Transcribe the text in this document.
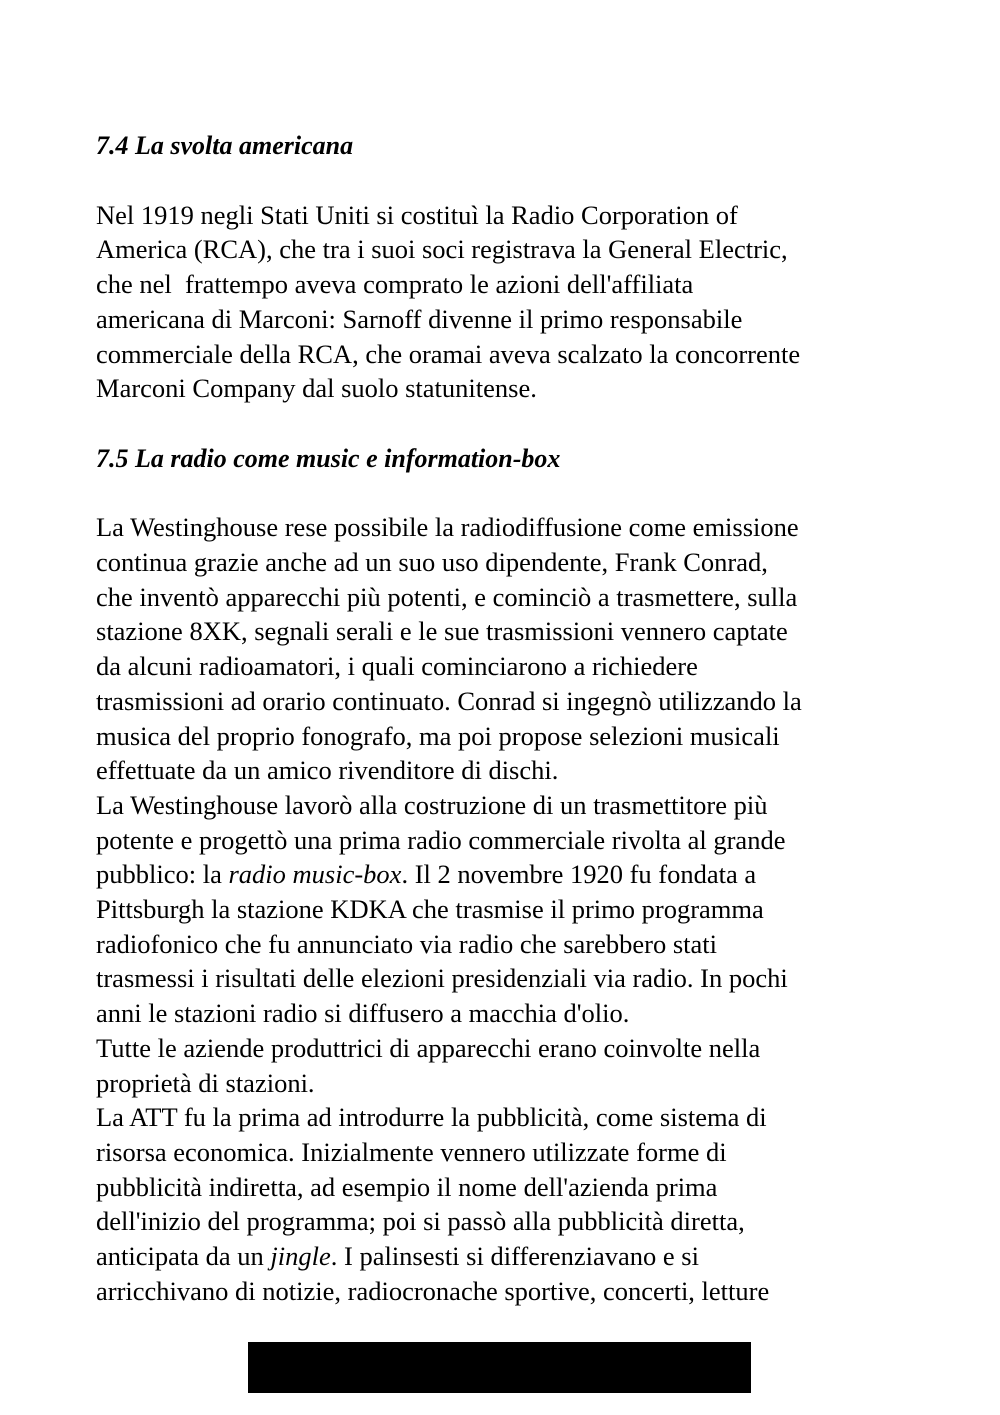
7.4 La svolta americana

Nel 1919 negli Stati Uniti si costituì la Radio Corporation of
America (RCA), che tra i suoi soci registrava la General Electric,
che nel  frattempo aveva comprato le azioni dell'affiliata
americana di Marconi: Sarnoff divenne il primo responsabile
commerciale della RCA, che oramai aveva scalzato la concorrente
Marconi Company dal suolo statunitense.

7.5 La radio come music e information-box

La Westinghouse rese possibile la radiodiffusione come emissione
continua grazie anche ad un suo uso dipendente, Frank Conrad,
che inventò apparecchi più potenti, e cominciò a trasmettere, sulla
stazione 8XK, segnali serali e le sue trasmissioni vennero captate
da alcuni radioamatori, i quali cominciarono a richiedere
trasmissioni ad orario continuato. Conrad si ingegnò utilizzando la
musica del proprio fonografo, ma poi propose selezioni musicali
effettuate da un amico rivenditore di dischi.

La Westinghouse lavorò alla costruzione di un trasmettitore più
potente e progettò una prima radio commerciale rivolta al grande
pubblico: la radio music-box. Il 2 novembre 1920 fu fondata a
Pittsburgh la stazione KDKA che trasmise il primo programma
radiofonico che fu annunciato via radio che sarebbero stati
trasmessi i risultati delle elezioni presidenziali via radio. In pochi
anni le stazioni radio si diffusero a macchia d'olio.

Tutte le aziende produttrici di apparecchi erano coinvolte nella
proprietà di stazioni.

La ATT fu la prima ad introdurre la pubblicità, come sistema di
risorsa economica. Inizialmente vennero utilizzate forme di
pubblicità indiretta, ad esempio il nome dell'azienda prima
dell'inizio del programma; poi si passò alla pubblicità diretta,
anticipata da un jingle. I palinsesti si differenziavano e si
arricchivano di notizie, radiocronache sportive, concerti, letture
